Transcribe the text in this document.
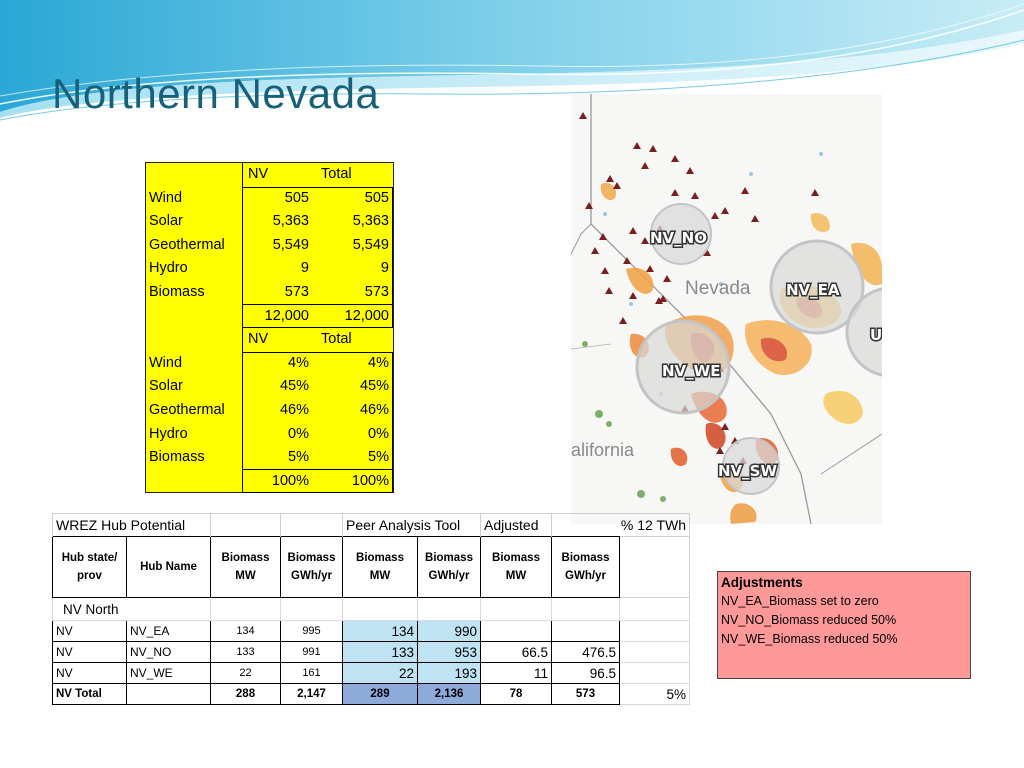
Northern Nevada
NV	Total
Wind	505	505
Solar	5,363	5,363
Geothermal	5,549	5,549
Hydro	9	9
Biomass	573	573
12,000 12,000
NV	Total
Wind	4%	4%
Solar	45%	45%
Geothermal	46%	46%
Hydro	0%	0%
Biomass	5%	5%
100%	100%
Nevada
alifornia
NV_NO
NV_EA
NV_WE
NV_SW
U
WREZ Hub Potential				Peer Analysis Tool		Adjusted	% 12 TWh	
Hub state/ prov	Hub Name	Biomass MW	Biomass GWh/yr	Biomass MW	Biomass GWh/yr	Biomass MW	Biomass GWh/yr	
NV North								
NV	NV_EA	134	995	134	990			
NV	NV_NO	133	991	133	953	66.5	476.5	
NV	NV_WE	22	161	22	193	11	96.5	
NV Total		288	2,147	289	2,136	78	573	5%
Adjustments
NV_EA_Biomass set to zero
NV_NO_Biomass reduced 50%
NV_WE_Biomass reduced 50%
